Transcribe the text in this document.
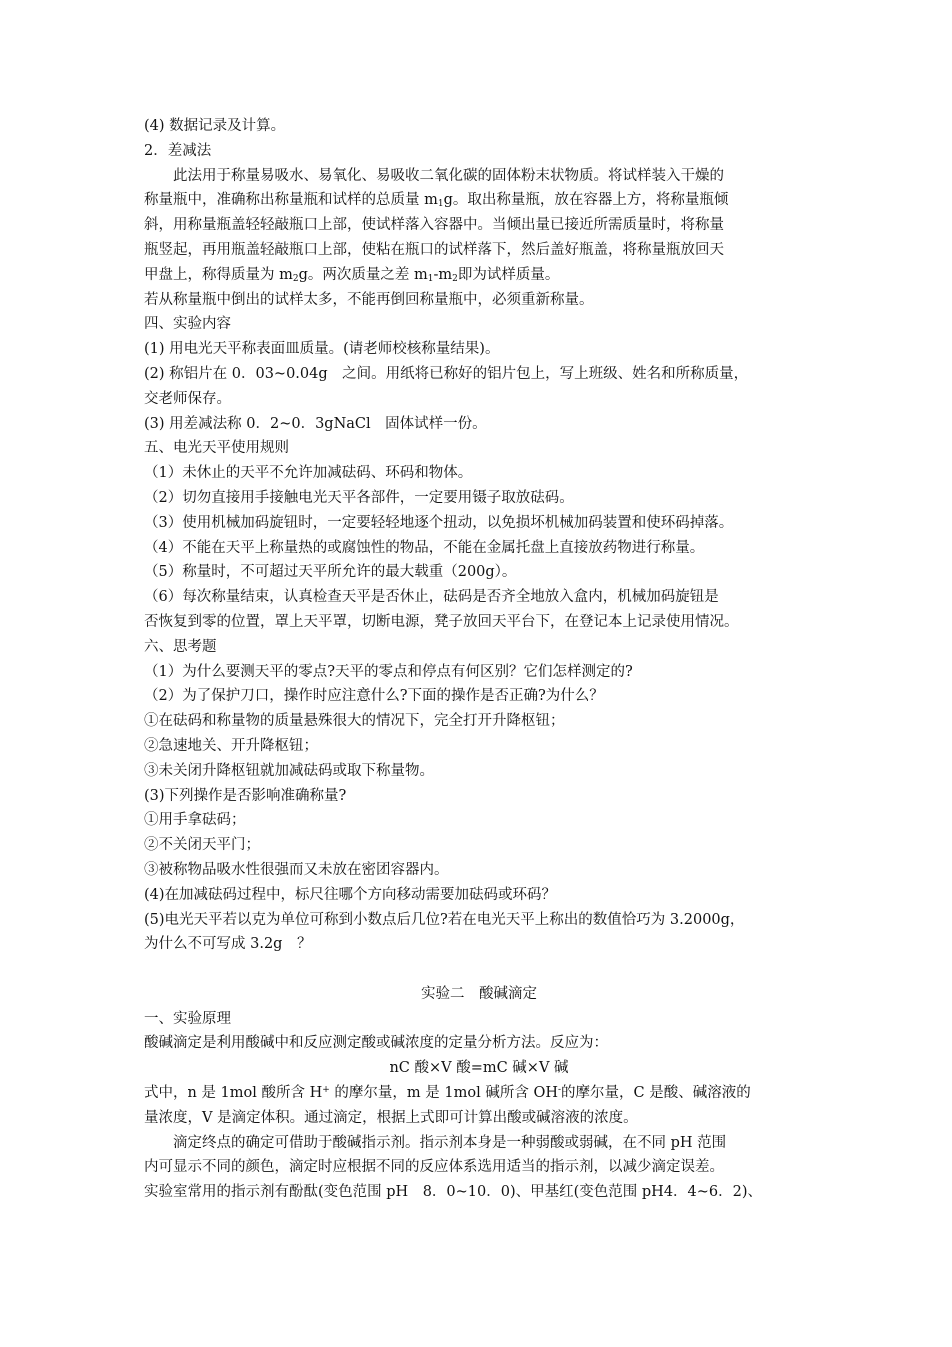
(4) 数据记录及计算。
2．差减法
此法用于称量易吸水、易氧化、易吸收二氧化碳的固体粉末状物质。将试样装入干燥的
称量瓶中，准确称出称量瓶和试样的总质量 $m_1g$。取出称量瓶，放在容器上方，将称量瓶倾
斜，用称量瓶盖轻轻敲瓶口上部，使试样落入容器中。当倾出量已接近所需质量时，将称量
瓶竖起，再用瓶盖轻敲瓶口上部，使粘在瓶口的试样落下，然后盖好瓶盖，将称量瓶放回天
甲盘上，称得质量为 $m_2g$。两次质量之差 $m_1-m_2$即为试样质量。
若从称量瓶中倒出的试样太多，不能再倒回称量瓶中，必须重新称量。
四、实验内容
(1) 用电光天平称表面皿质量。(请老师校核称量结果)。
(2) 称铝片在 0．03~0.04g　之间。用纸将已称好的铝片包上，写上班级、姓名和所称质量，
交老师保存。
(3) 用差减法称 0．2~0．3gNaCl　固体试样一份。
五、电光天平使用规则
（1）未休止的天平不允许加减砝码、环码和物体。
（2）切勿直接用手接触电光天平各部件，一定要用镊子取放砝码。
（3）使用机械加码旋钮时，一定要轻轻地逐个扭动，以免损坏机械加码装置和使环码掉落。
（4）不能在天平上称量热的或腐蚀性的物品，不能在金属托盘上直接放药物进行称量。
（5）称量时，不可超过天平所允许的最大载重（200g）。
（6）每次称量结束，认真检查天平是否休止，砝码是否齐全地放入盒内，机械加码旋钮是
否恢复到零的位置，罩上天平罩，切断电源，凳子放回天平台下，在登记本上记录使用情况。
六、思考题
（1）为什么要测天平的零点?天平的零点和停点有何区别？它们怎样测定的?
（2）为了保护刀口，操作时应注意什么?下面的操作是否正确?为什么？
①在砝码和称量物的质量悬殊很大的情况下，完全打开升降枢钮；
②急速地关、开升降枢钮；
③未关闭升降枢钮就加减砝码或取下称量物。
(3)下列操作是否影响准确称量?
①用手拿砝码；
②不关闭天平门；
③被称物品吸水性很强而又未放在密团容器内。
(4)在加减砝码过程中，标尺往哪个方向移动需要加砝码或环码？
(5)电光天平若以克为单位可称到小数点后几位?若在电光天平上称出的数值恰巧为 3.2000g，
为什么不可写成 3.2g　？
实验二　酸碱滴定
一、实验原理
酸碱滴定是利用酸碱中和反应测定酸或碱浓度的定量分析方法。反应为：
nC 酸×V 酸=mC 碱×V 碱
式中，n 是 1mol 酸所含 H+ 的摩尔量，m 是 1mol 碱所含 OH-的摩尔量，C 是酸、碱溶液的
量浓度，V 是滴定体积。通过滴定，根据上式即可计算出酸或碱溶液的浓度。
滴定终点的确定可借助于酸碱指示剂。指示剂本身是一种弱酸或弱碱，在不同 pH 范围
内可显示不同的颜色，滴定时应根据不同的反应体系选用适当的指示剂，以减少滴定误差。
实验室常用的指示剂有酚酞(变色范围 pH　8．0~10．0)、甲基红(变色范围 pH4．4~6．2)、
